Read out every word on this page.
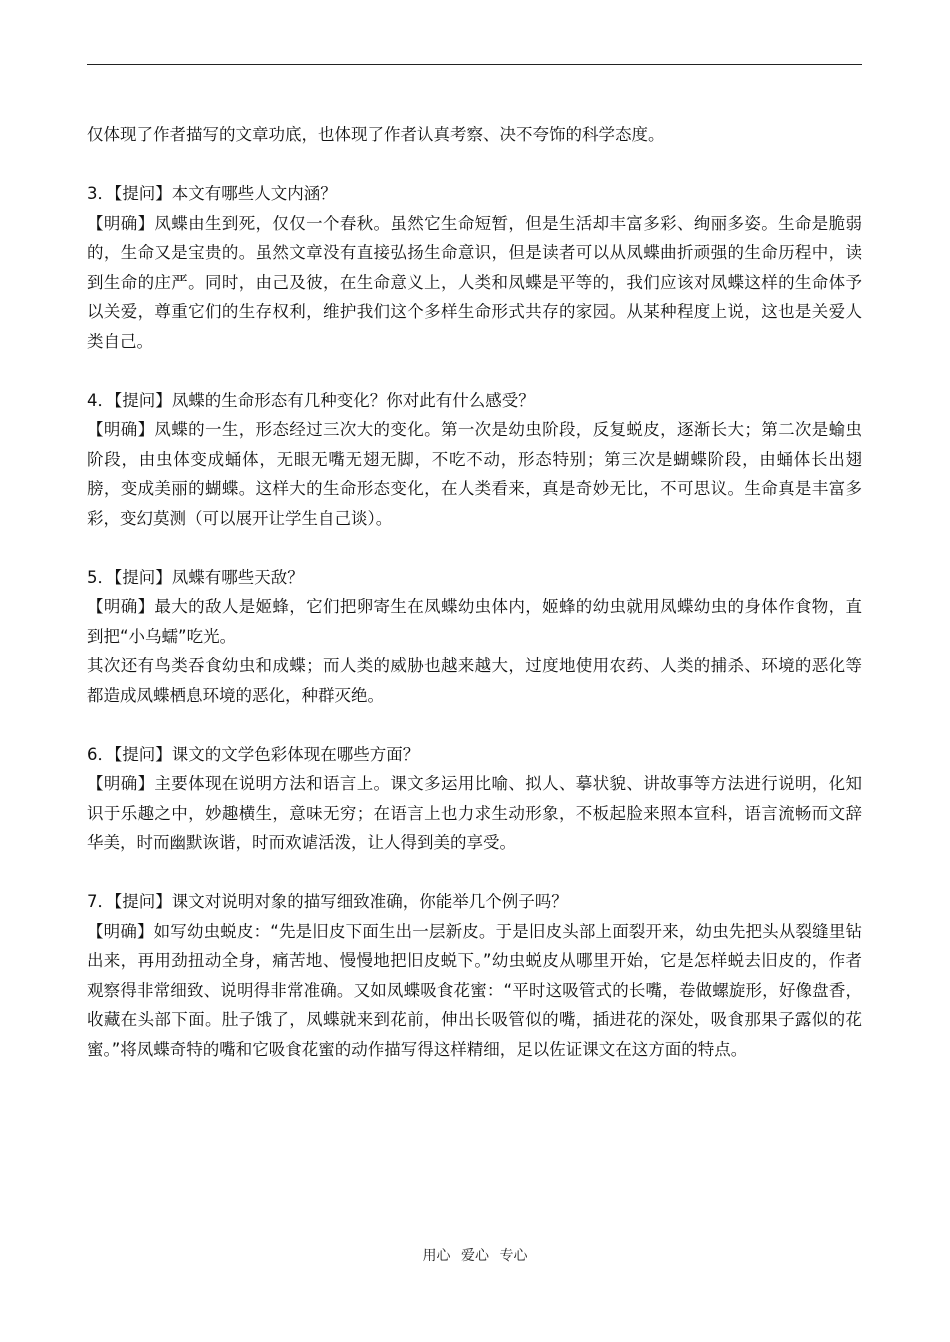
仅体现了作者描写的文章功底，也体现了作者认真考察、决不夸饰的科学态度。

3．【提问】本文有哪些人文内涵？

【明确】凤蝶由生到死，仅仅一个春秋。虽然它生命短暂，但是生活却丰富多彩、绚丽多姿。生命是脆弱的，生命又是宝贵的。虽然文章没有直接弘扬生命意识，但是读者可以从凤蝶曲折顽强的生命历程中，读到生命的庄严。同时，由己及彼，在生命意义上，人类和凤蝶是平等的，我们应该对凤蝶这样的生命体予以关爱，尊重它们的生存权利，维护我们这个多样生命形式共存的家园。从某种程度上说，这也是关爱人类自己。

4．【提问】凤蝶的生命形态有几种变化？你对此有什么感受？

【明确】凤蝶的一生，形态经过三次大的变化。第一次是幼虫阶段，反复蜕皮，逐渐长大；第二次是蝓虫阶段，由虫体变成蛹体，无眼无嘴无翅无脚，不吃不动，形态特别；第三次是蝴蝶阶段，由蛹体长出翅膀，变成美丽的蝴蝶。这样大的生命形态变化，在人类看来，真是奇妙无比，不可思议。生命真是丰富多彩，变幻莫测（可以展开让学生自己谈）。

5．【提问】凤蝶有哪些天敌？

【明确】最大的敌人是姬蜂，它们把卵寄生在凤蝶幼虫体内，姬蜂的幼虫就用凤蝶幼虫的身体作食物，直到把“小乌蠕”吃光。

其次还有鸟类吞食幼虫和成蝶；而人类的威胁也越来越大，过度地使用农药、人类的捕杀、环境的恶化等都造成凤蝶栖息环境的恶化，种群灭绝。

6．【提问】课文的文学色彩体现在哪些方面？

【明确】主要体现在说明方法和语言上。课文多运用比喻、拟人、摹状貌、讲故事等方法进行说明，化知识于乐趣之中，妙趣横生，意味无穷；在语言上也力求生动形象，不板起脸来照本宣科，语言流畅而文辞华美，时而幽默诙谐，时而欢谑活泼，让人得到美的享受。

7．【提问】课文对说明对象的描写细致准确，你能举几个例子吗？

【明确】如写幼虫蜕皮：“先是旧皮下面生出一层新皮。于是旧皮头部上面裂开来，幼虫先把头从裂缝里钻出来，再用劲扭动全身，痛苦地、慢慢地把旧皮蜕下。”幼虫蜕皮从哪里开始，它是怎样蜕去旧皮的，作者观察得非常细致、说明得非常准确。又如凤蝶吸食花蜜：“平时这吸管式的长嘴，卷做螺旋形，好像盘香，收藏在头部下面。肚子饿了，凤蝶就来到花前，伸出长吸管似的嘴，插进花的深处，吸食那果子露似的花蜜。”将凤蝶奇特的嘴和它吸食花蜜的动作描写得这样精细，足以佐证课文在这方面的特点。

用心 爱心 专心
